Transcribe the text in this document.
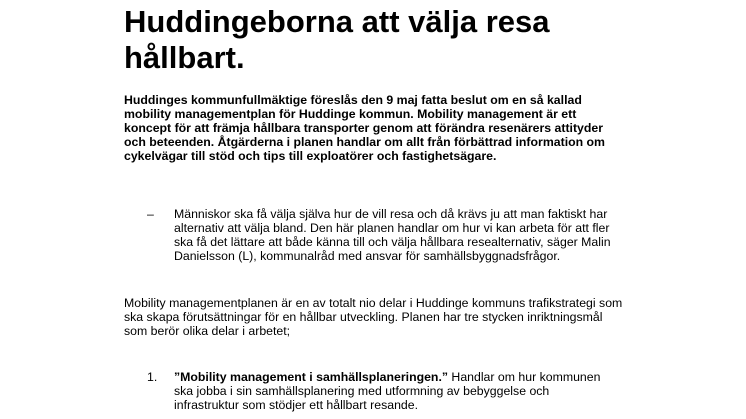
Huddingeborna att välja resa hållbart.

Huddinges kommunfullmäktige föreslås den 9 maj fatta beslut om en så kallad mobility managementplan för Huddinge kommun. Mobility management är ett koncept för att främja hållbara transporter genom att förändra resenärers attityder och beteenden. Åtgärderna i planen handlar om allt från förbättrad information om cykelvägar till stöd och tips till exploatörer och fastighetsägare.

–	Människor ska få välja själva hur de vill resa och då krävs ju att man faktiskt har alternativ att välja bland. Den här planen handlar om hur vi kan arbeta för att fler ska få det lättare att både känna till och välja hållbara resealternativ, säger Malin Danielsson (L), kommunalråd med ansvar för samhällsbyggnadsfrågor.

Mobility managementplanen är en av totalt nio delar i Huddinge kommuns trafikstrategi som ska skapa förutsättningar för en hållbar utveckling. Planen har tre stycken inriktningsmål som berör olika delar i arbetet;

1.	”Mobility management i samhällsplaneringen.” Handlar om hur kommunen ska jobba i sin samhällsplanering med utformning av bebyggelse och infrastruktur som stödjer ett hållbart resande.
